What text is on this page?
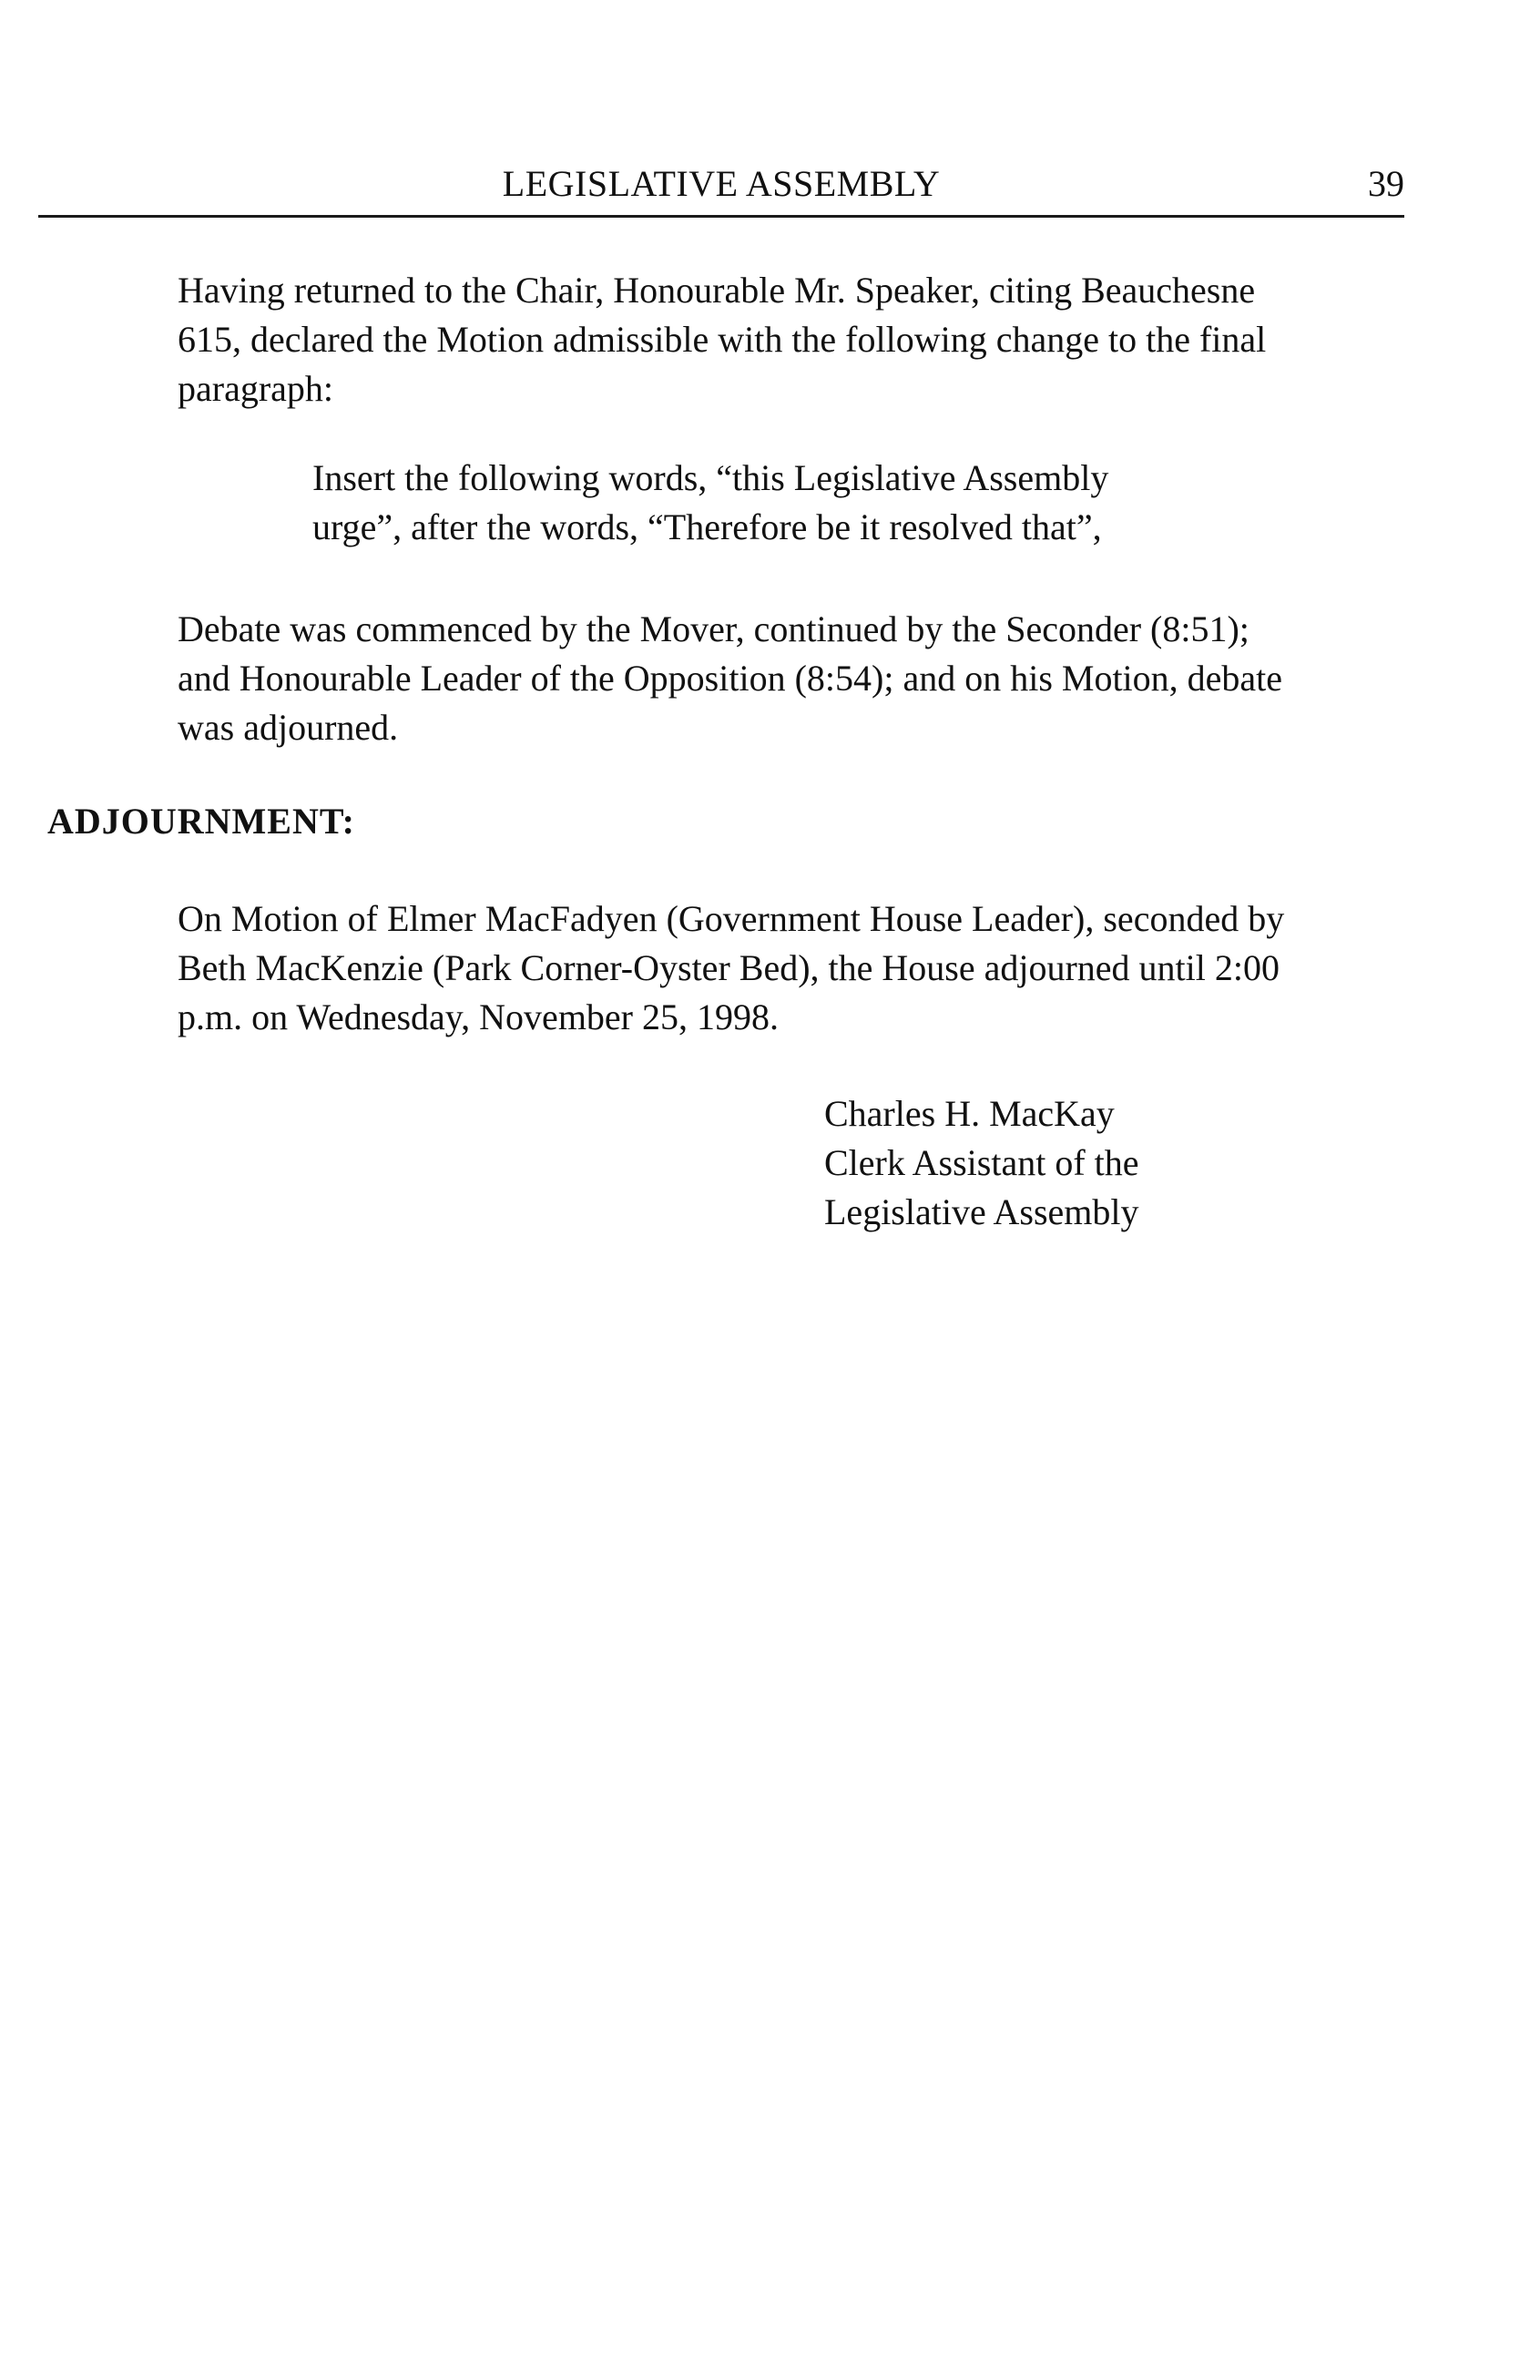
LEGISLATIVE ASSEMBLY	39

Having returned to the Chair, Honourable Mr. Speaker, citing Beauchesne
615, declared the Motion admissible with the following change to the final
paragraph:

Insert the following words, “this Legislative Assembly
urge”, after the words, “Therefore be it resolved that”,

Debate was commenced by the Mover, continued by the Seconder (8:51);
and Honourable Leader of the Opposition (8:54); and on his Motion, debate
was adjourned.

ADJOURNMENT:

On Motion of Elmer MacFadyen (Government House Leader), seconded by
Beth MacKenzie (Park Corner-Oyster Bed), the House adjourned until 2:00
p.m. on Wednesday, November 25, 1998.

Charles H. MacKay
Clerk Assistant of the
Legislative Assembly
